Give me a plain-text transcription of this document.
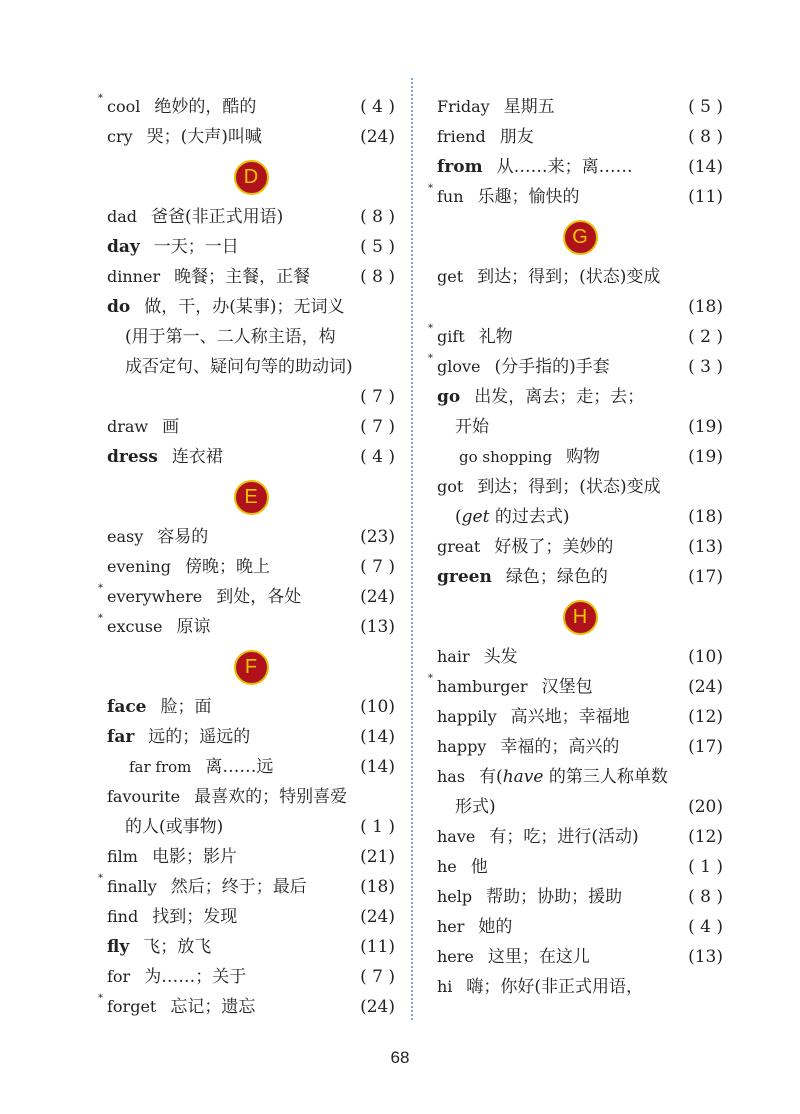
* cool 绝妙的，酷的	( 4 )
cry 哭；(大声)叫喊	(24)
D
dad 爸爸(非正式用语)	( 8 )
day 一天；一日	( 5 )
dinner 晚餐；主餐，正餐	( 8 )
do 做，干，办(某事)；无词义
(用于第一、二人称主语，构
成否定句、疑问句等的助动词)
( 7 )
draw 画	( 7 )
dress 连衣裙	( 4 )
E
easy 容易的	(23)
evening 傍晚；晚上	( 7 )
* everywhere 到处，各处	(24)
* excuse 原谅	(13)
F
face 脸；面	(10)
far 远的；遥远的	(14)
far from 离……远	(14)
favourite 最喜欢的；特别喜爱
的人(或事物)	( 1 )
film 电影；影片	(21)
* finally 然后；终于；最后	(18)
find 找到；发现	(24)
fly 飞；放飞	(11)
for 为……；关于	( 7 )
* forget 忘记；遗忘	(24)
Friday 星期五	( 5 )
friend 朋友	( 8 )
from 从……来；离……	(14)
* fun 乐趣；愉快的	(11)
G
get 到达；得到；(状态)变成
(18)
* gift 礼物	( 2 )
* glove (分手指的)手套	( 3 )
go 出发，离去；走；去；
开始	(19)
go shopping 购物	(19)
got 到达；得到；(状态)变成
(get 的过去式)	(18)
great 好极了；美妙的	(13)
green 绿色；绿色的	(17)
H
hair 头发	(10)
* hamburger 汉堡包	(24)
happily 高兴地；幸福地	(12)
happy 幸福的；高兴的	(17)
has 有(have 的第三人称单数
形式)	(20)
have 有；吃；进行(活动)	(12)
he 他	( 1 )
help 帮助；协助；援助	( 8 )
her 她的	( 4 )
here 这里；在这儿	(13)
hi 嗨；你好(非正式用语，
68
